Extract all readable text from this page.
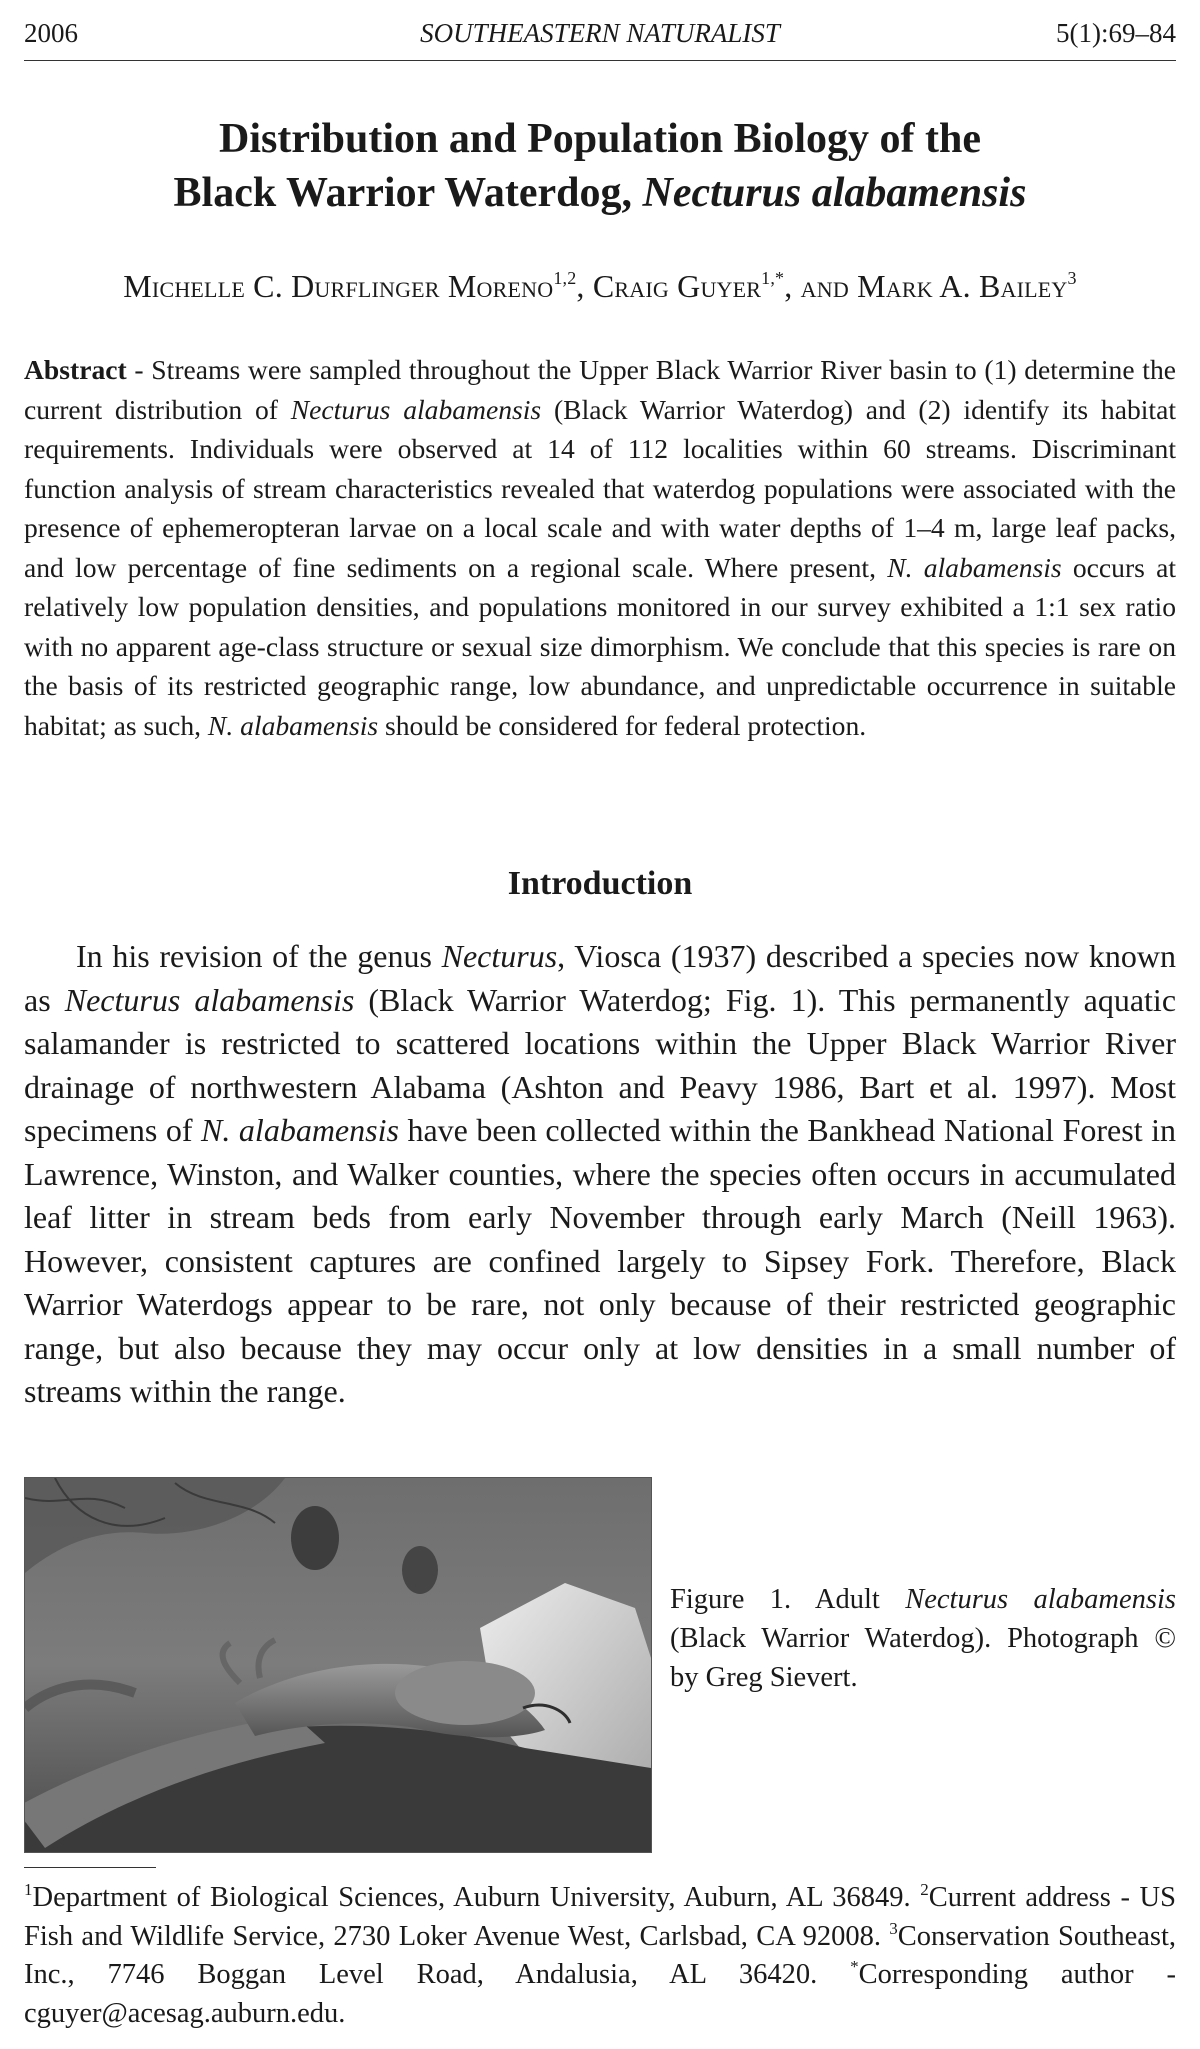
2006	SOUTHEASTERN NATURALIST	5(1):69–84
Distribution and Population Biology of the
Black Warrior Waterdog, Necturus alabamensis
Michelle C. Durflinger Moreno$^{1,2}$, Craig Guyer$^{1,*}$, and Mark A. Bailey$^3$
Abstract - Streams were sampled throughout the Upper Black Warrior River basin to (1) determine the current distribution of Necturus alabamensis (Black Warrior Waterdog) and (2) identify its habitat requirements. Individuals were observed at 14 of 112 localities within 60 streams. Discriminant function analysis of stream characteristics revealed that waterdog populations were associated with the presence of ephemeropteran larvae on a local scale and with water depths of 1–4 m, large leaf packs, and low percentage of fine sediments on a regional scale. Where present, N. alabamensis occurs at relatively low population densities, and populations monitored in our survey exhibited a 1:1 sex ratio with no apparent age-class structure or sexual size dimorphism. We conclude that this species is rare on the basis of its restricted geographic range, low abundance, and unpredictable occurrence in suitable habitat; as such, N. alabamensis should be considered for federal protection.
Introduction
In his revision of the genus Necturus, Viosca (1937) described a species now known as Necturus alabamensis (Black Warrior Waterdog; Fig. 1). This permanently aquatic salamander is restricted to scattered locations within the Upper Black Warrior River drainage of northwestern Alabama (Ashton and Peavy 1986, Bart et al. 1997). Most specimens of N. alabamensis have been collected within the Bankhead National Forest in Lawrence, Winston, and Walker counties, where the species often occurs in accumulated leaf litter in stream beds from early November through early March (Neill 1963). However, consistent captures are confined largely to Sipsey Fork. Therefore, Black Warrior Waterdogs appear to be rare, not only because of their restricted geographic range, but also because they may occur only at low densities in a small number of streams within the range.
Figure 1. Adult Necturus alabamensis (Black Warrior Waterdog). Photograph © by Greg Sievert.
$^1$Department of Biological Sciences, Auburn University, Auburn, AL 36849. $^2$Current address - US Fish and Wildlife Service, 2730 Loker Avenue West, Carlsbad, CA 92008. $^3$Conservation Southeast, Inc., 7746 Boggan Level Road, Andalusia, AL 36420. *Corresponding author - cguyer@acesag.auburn.edu.
